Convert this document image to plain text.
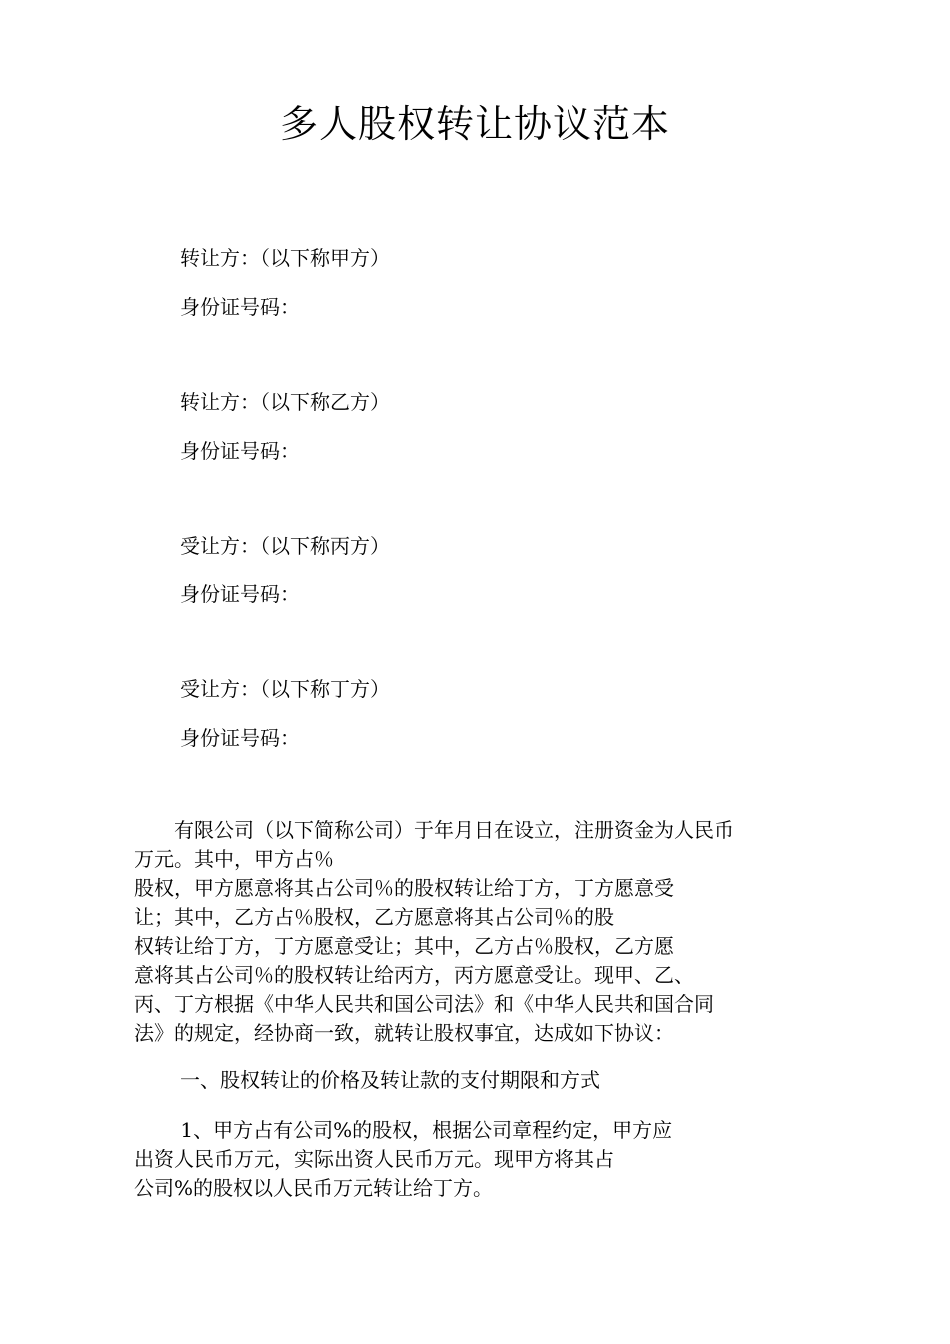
多人股权转让协议范本
转让方：（以下称甲方）
身份证号码：
转让方：（以下称乙方）
身份证号码：
受让方：（以下称丙方）
身份证号码：
受让方：（以下称丁方）
身份证号码：
　　有限公司（以下简称公司）于年月日在设立，注册资金为人民币
万元。其中，甲方占％
股权，甲方愿意将其占公司％的股权转让给丁方，丁方愿意受
让；其中，乙方占％股权，乙方愿意将其占公司％的股
权转让给丁方，丁方愿意受让；其中，乙方占％股权，乙方愿
意将其占公司％的股权转让给丙方，丙方愿意受让。现甲、乙、
丙、丁方根据《中华人民共和国公司法》和《中华人民共和国合同
法》的规定，经协商一致，就转让股权事宜，达成如下协议：
一、股权转让的价格及转让款的支付期限和方式
　　 1、甲方占有公司%的股权，根据公司章程约定，甲方应
出资人民币万元，实际出资人民币万元。现甲方将其占
公司%的股权以人民币万元转让给丁方。
